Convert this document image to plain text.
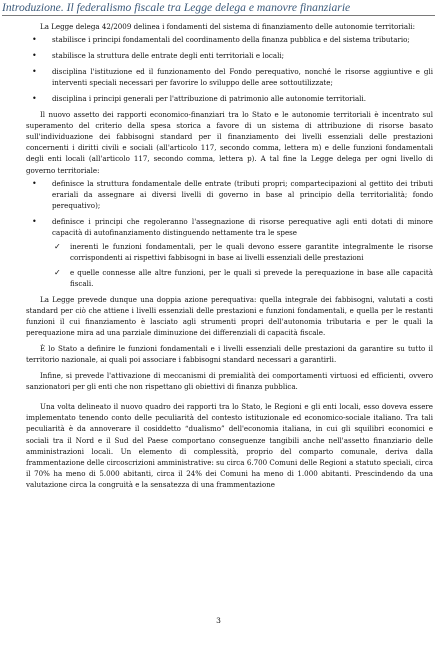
Introduzione. Il federalismo fiscale tra Legge delega e manovre finanziarie

La Legge delega 42/2009 delinea i fondamenti del sistema di finanziamento delle autonomie territoriali:

• stabilisce i principi fondamentali del coordinamento della finanza pubblica e del sistema tributario;
• stabilisce la struttura delle entrate degli enti territoriali e locali;
• disciplina l'istituzione ed il funzionamento del Fondo perequativo, nonché le risorse aggiuntive e gli interventi speciali necessari per favorire lo sviluppo delle aree sottoutilizzate;
• disciplina i principi generali per l'attribuzione di patrimonio alle autonomie territoriali.

Il nuovo assetto dei rapporti economico-finanziari tra lo Stato e le autonomie territoriali è incentrato sul superamento del criterio della spesa storica a favore di un sistema di attribuzione di risorse basato sull'individuazione dei fabbisogni standard per il finanziamento dei livelli essenziali delle prestazioni concernenti i diritti civili e sociali (all'articolo 117, secondo comma, lettera m) e delle funzioni fondamentali degli enti locali (all'articolo 117, secondo comma, lettera p). A tal fine la Legge delega per ogni livello di governo territoriale:

• definisce la struttura fondamentale delle entrate (tributi propri; compartecipazioni al gettito dei tributi erariali da assegnare ai diversi livelli di governo in base al principio della territorialità; fondo perequativo);
• definisce i principi che regoleranno l'assegnazione di risorse perequative agli enti dotati di minore capacità di autofinanziamento distinguendo nettamente tra le spese
✓ inerenti le funzioni fondamentali, per le quali devono essere garantite integralmente le risorse corrispondenti ai rispettivi fabbisogni in base ai livelli essenziali delle prestazioni
✓ e quelle connesse alle altre funzioni, per le quali si prevede la perequazione in base alle capacità fiscali.

La Legge prevede dunque una doppia azione perequativa: quella integrale dei fabbisogni, valutati a costi standard per ciò che attiene i livelli essenziali delle prestazioni e funzioni fondamentali, e quella per le restanti funzioni il cui finanziamento è lasciato agli strumenti propri dell'autonomia tributaria e per le quali la perequazione mira ad una parziale diminuzione dei differenziali di capacità fiscale.

È lo Stato a definire le funzioni fondamentali e i livelli essenziali delle prestazioni da garantire su tutto il territorio nazionale, ai quali poi associare i fabbisogni standard necessari a garantirli.

Infine, si prevede l'attivazione di meccanismi di premialità dei comportamenti virtuosi ed efficienti, ovvero sanzionatori per gli enti che non rispettano gli obiettivi di finanza pubblica.

Una volta delineato il nuovo quadro dei rapporti tra lo Stato, le Regioni e gli enti locali, esso doveva essere implementato tenendo conto delle peculiarità del contesto istituzionale ed economico-sociale italiano. Tra tali peculiarità è da annoverare il cosiddetto “dualismo” dell'economia italiana, in cui gli squilibri economici e sociali tra il Nord e il Sud del Paese comportano conseguenze tangibili anche nell'assetto finanziario delle amministrazioni locali. Un elemento di complessità, proprio del comparto comunale, deriva dalla frammentazione delle circoscrizioni amministrative: su circa 6.700 Comuni delle Regioni a statuto speciali, circa il 70% ha meno di 5.000 abitanti, circa il 24% dei Comuni ha meno di 1.000 abitanti. Prescindendo da una valutazione circa la congruità e la sensatezza di una frammentazione

3
